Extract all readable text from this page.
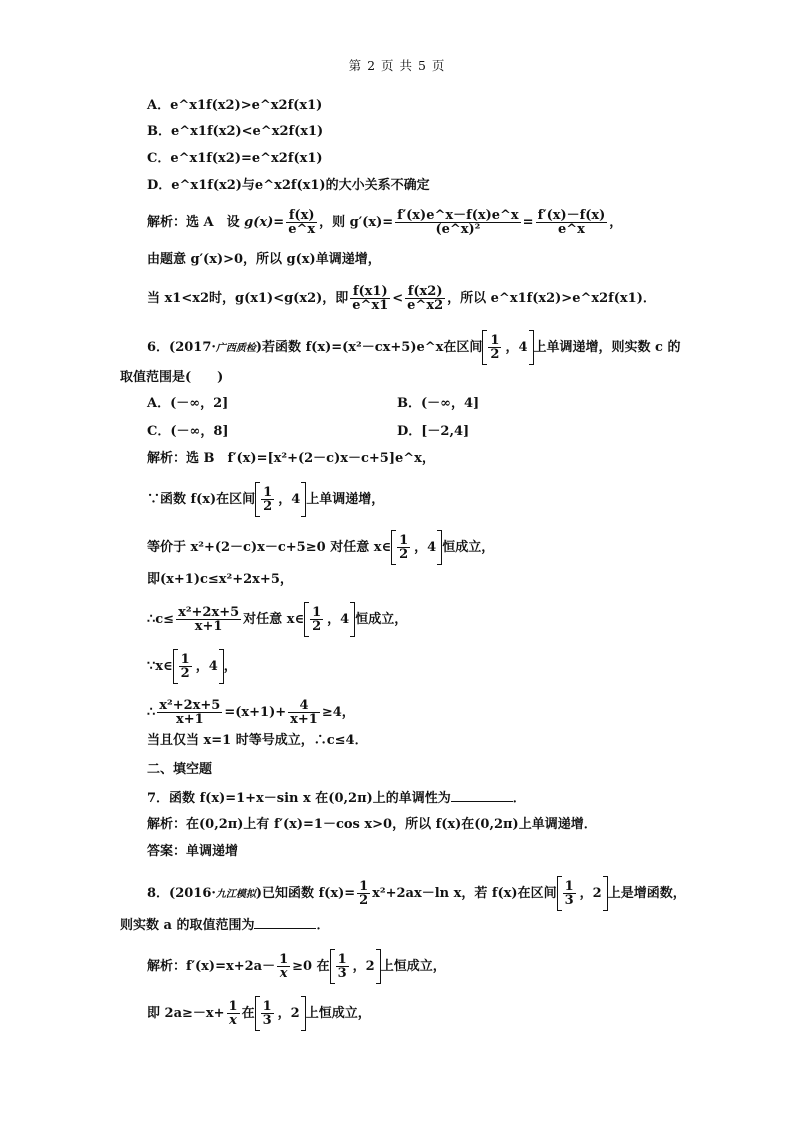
第 2 页 共 5 页
A．e^x1f(x2)>e^x2f(x1)
B．e^x1f(x2)<e^x2f(x1)
C．e^x1f(x2)=e^x2f(x1)
D．e^x1f(x2)与e^x2f(x1)的大小关系不确定
解析：选 A　设 $g(x)= \frac{f(x)}{e\^{}x}$ ，则 $g'(x)= \frac{f'(x)e\^{}x-f(x)e\^{}x}{\text{(e\textasciicircum{}x)²}} = \frac{f'(x)-f(x)}{e\^{}x}$ ，
由题意 g′(x)>0，所以 g(x)单调递增，
当 x1<x2时，g(x1)<g(x2)，即 $\frac{f(x1)}{e\^{}x1} < \frac{f(x2)}{e\^{}x2}$ ，所以 e^x1f(x2)>e^x2f(x1)．
6．(2017·广西质检)若函数 f(x)=(x²－cx+5)e^x在区间 $\frac{1}{2}$ ，4 上单调递增，则实数 c 的
取值范围是(　　)
A．(－∞，2]	B．(－∞，4]
C．(－∞，8]	D．[－2,4]
解析：选 B　f′(x)=[x²+(2－c)x－c+5]e^x，
∵函数 f(x)在区间 $\frac{1}{2}$ ，4 上单调递增，
等价于 x²+(2－c)x－c+5≥0 对任意 x∈ $\frac{1}{2}$ ，4 恒成立，
即(x+1)c≤x²+2x+5，
∴c≤ $\frac{\text{x²+2x+5}}{x+1}$ 对任意 x∈ $\frac{1}{2}$ ，4 恒成立，
∵x∈ $\frac{1}{2}$ ，4 ，
∴ $\frac{\text{x²+2x+5}}{x+1} =(x+1)+ \frac{4}{x+1} \ge 4$，
当且仅当 x=1 时等号成立，∴c≤4．
二、填空题
7．函数 f(x)=1+x－sin x 在(0,2π)上的单调性为	．
解析：在(0,2π)上有 f′(x)=1－cos x>0，所以 f(x)在(0,2π)上单调递增．
答案：单调递增
8．(2016·九江模拟)已知函数 $f(x)= \frac{1}{2} x^2+2ax-\ln$ x，若 f(x)在区间 $\frac{1}{3}$ ，2 上是增函数，
则实数 a 的取值范围为	．
解析：$f'(x)=x+2a- \frac{1}{x} \ge 0$ 在 $\frac{1}{3}$ ，2 上恒成立，
即 $2a\ge-x+ \frac{1}{x}$ 在 $\frac{1}{3}$ ，2 上恒成立，
